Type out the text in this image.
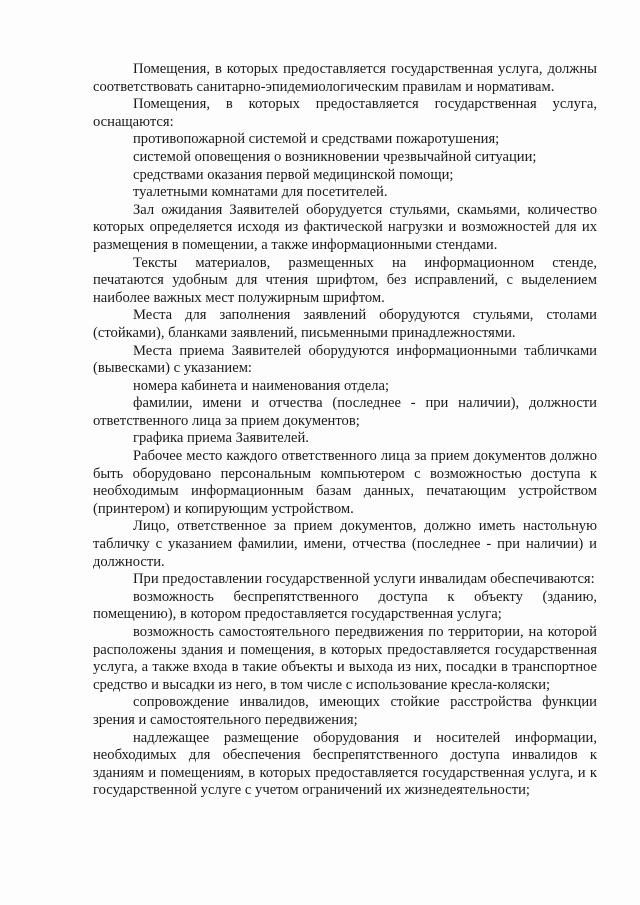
Помещения, в которых предоставляется государственная услуга, должны соответствовать санитарно-эпидемиологическим правилам и нормативам.

Помещения, в которых предоставляется государственная услуга, оснащаются:

противопожарной системой и средствами пожаротушения;

системой оповещения о возникновении чрезвычайной ситуации;

средствами оказания первой медицинской помощи;

туалетными комнатами для посетителей.

Зал ожидания Заявителей оборудуется стульями, скамьями, количество которых определяется исходя из фактической нагрузки и возможностей для их размещения в помещении, а также информационными стендами.

Тексты материалов, размещенных на информационном стенде, печатаются удобным для чтения шрифтом, без исправлений, с выделением наиболее важных мест полужирным шрифтом.

Места для заполнения заявлений оборудуются стульями, столами (стойками), бланками заявлений, письменными принадлежностями.

Места приема Заявителей оборудуются информационными табличками (вывесками) с указанием:

номера кабинета и наименования отдела;

фамилии, имени и отчества (последнее - при наличии), должности ответственного лица за прием документов;

графика приема Заявителей.

Рабочее место каждого ответственного лица за прием документов должно быть оборудовано персональным компьютером с возможностью доступа к необходимым информационным базам данных, печатающим устройством (принтером) и копирующим устройством.

Лицо, ответственное за прием документов, должно иметь настольную табличку с указанием фамилии, имени, отчества (последнее - при наличии) и должности.

При предоставлении государственной услуги инвалидам обеспечиваются:

возможность беспрепятственного доступа к объекту (зданию, помещению), в котором предоставляется государственная услуга;

возможность самостоятельного передвижения по территории, на которой расположены здания и помещения, в которых предоставляется государственная услуга, а также входа в такие объекты и выхода из них, посадки в транспортное средство и высадки из него, в том числе с использование кресла-коляски;

сопровождение инвалидов, имеющих стойкие расстройства функции зрения и самостоятельного передвижения;

надлежащее размещение оборудования и носителей информации, необходимых для обеспечения беспрепятственного доступа инвалидов к зданиям и помещениям, в которых предоставляется государственная услуга, и к государственной услуге с учетом ограничений их жизнедеятельности;
